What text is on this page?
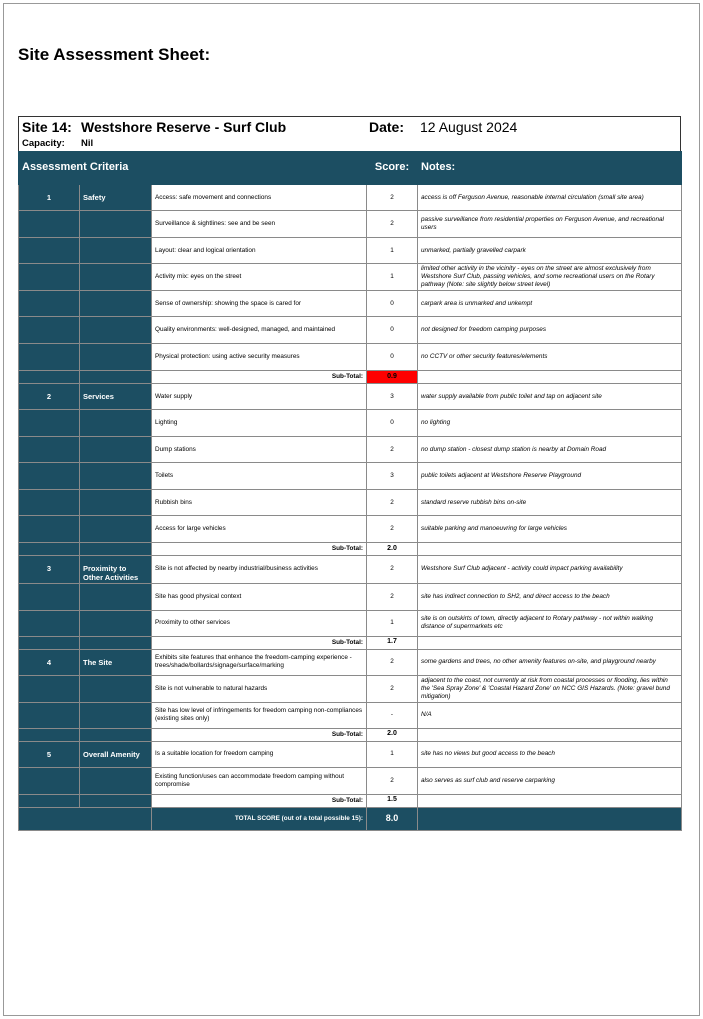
Site Assessment Sheet:
Site 14: Westshore Reserve - Surf Club	Date: 12 August 2024
Capacity: Nil
Assessment Criteria			Score:	Notes:
1	Safety	Access: safe movement and connections	2	access is off Ferguson Avenue, reasonable internal circulation (small site area)
		Surveillance & sightlines: see and be seen	2	passive surveillance from residential properties on Ferguson Avenue, and recreational users
		Layout: clear and logical orientation	1	unmarked, partially gravelled carpark
		Activity mix: eyes on the street	1	limited other activity in the vicinity - eyes on the street are almost exclusively from Westshore Surf Club, passing vehicles, and some recreational users on the Rotary pathway (Note: site slightly below street level)
		Sense of ownership: showing the space is cared for	0	carpark area is unmarked and unkempt
		Quality environments: well-designed, managed, and maintained	0	not designed for freedom camping purposes
		Physical protection: using active security measures	0	no CCTV or other security features/elements
		Sub-Total:	0.9	
2	Services	Water supply	3	water supply available from public toilet and tap on adjacent site
		Lighting	0	no lighting
		Dump stations	2	no dump station - closest dump station is nearby at Domain Road
		Toilets	3	public toilets adjacent at Westshore Reserve Playground
		Rubbish bins	2	standard reserve rubbish bins on-site
		Access for large vehicles	2	suitable parking and manoeuvring for large vehicles
		Sub-Total:	2.0	
3	Proximity to Other Activities	Site is not affected by nearby industrial/business activities	2	Westshore Surf Club adjacent - activity could impact parking availability
		Site has good physical context	2	site has indirect connection to SH2, and direct access to the beach
		Proximity to other services	1	site is on outskirts of town, directly adjacent to Rotary pathway - not within walking distance of supermarkets etc
		Sub-Total:	1.7	
4	The Site	Exhibits site features that enhance the freedom-camping experience - trees/shade/bollards/signage/surface/marking	2	some gardens and trees, no other amenity features on-site, and playground nearby
		Site is not vulnerable to natural hazards	2	adjacent to the coast, not currently at risk from coastal processes or flooding, lies within the 'Sea Spray Zone' & 'Coastal Hazard Zone' on NCC GIS Hazards. (Note: gravel bund mitigation)
		Site has low level of infringements for freedom camping non-compliances (existing sites only)	-	N/A
		Sub-Total:	2.0	
5	Overall Amenity	Is a suitable location for freedom camping	1	site has no views but good access to the beach
		Existing function/uses can accommodate freedom camping without compromise	2	also serves as surf club and reserve carparking
		Sub-Total:	1.5	
		TOTAL SCORE (out of a total possible 15):	8.0	
